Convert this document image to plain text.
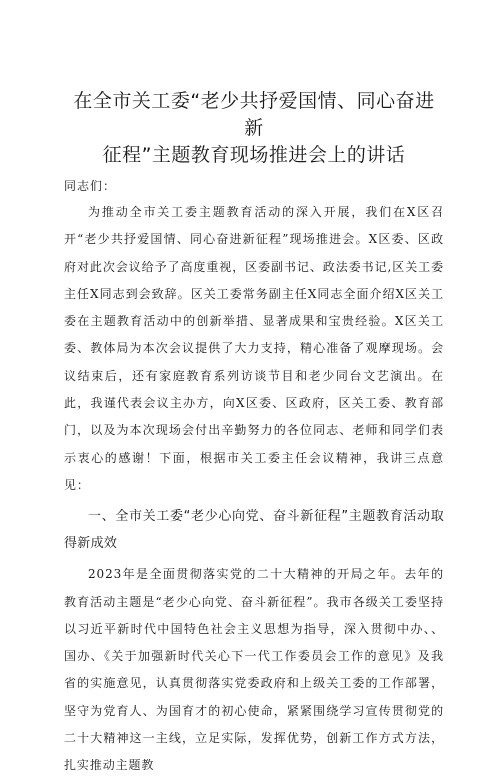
在全市关工委“老少共抒爱国情、同心奋进新
征程”主题教育现场推进会上的讲话

同志们：

为推动全市关工委主题教育活动的深入开展，我们在X区召开“老少共抒爱国情、同心奋进新征程”现场推进会。X区委、区政府对此次会议给予了高度重视，区委副书记、政法委书记,区关工委主任X同志到会致辞。区关工委常务副主任X同志全面介绍X区关工委在主题教育活动中的创新举措、显著成果和宝贵经验。X区关工委、教体局为本次会议提供了大力支持，精心准备了观摩现场。会议结束后，还有家庭教育系列访谈节目和老少同台文艺演出。在此，我谨代表会议主办方，向X区委、区政府，区关工委、教育部门，以及为本次现场会付出辛勤努力的各位同志、老师和同学们表示衷心的感谢！下面，根据市关工委主任会议精神，我讲三点意见：

一、全市关工委“老少心向党、奋斗新征程”主题教育活动取得新成效

2023年是全面贯彻落实党的二十大精神的开局之年。去年的教育活动主题是“老少心向党、奋斗新征程”。我市各级关工委坚持以习近平新时代中国特色社会主义思想为指导，深入贯彻中办、、国办、《关于加强新时代关心下一代工作委员会工作的意见》及我省的实施意见，认真贯彻落实党委政府和上级关工委的工作部署，坚守为党育人、为国育才的初心使命，紧紧围绕学习宣传贯彻党的二十大精神这一主线，立足实际，发挥优势，创新工作方式方法，扎实推动主题教
